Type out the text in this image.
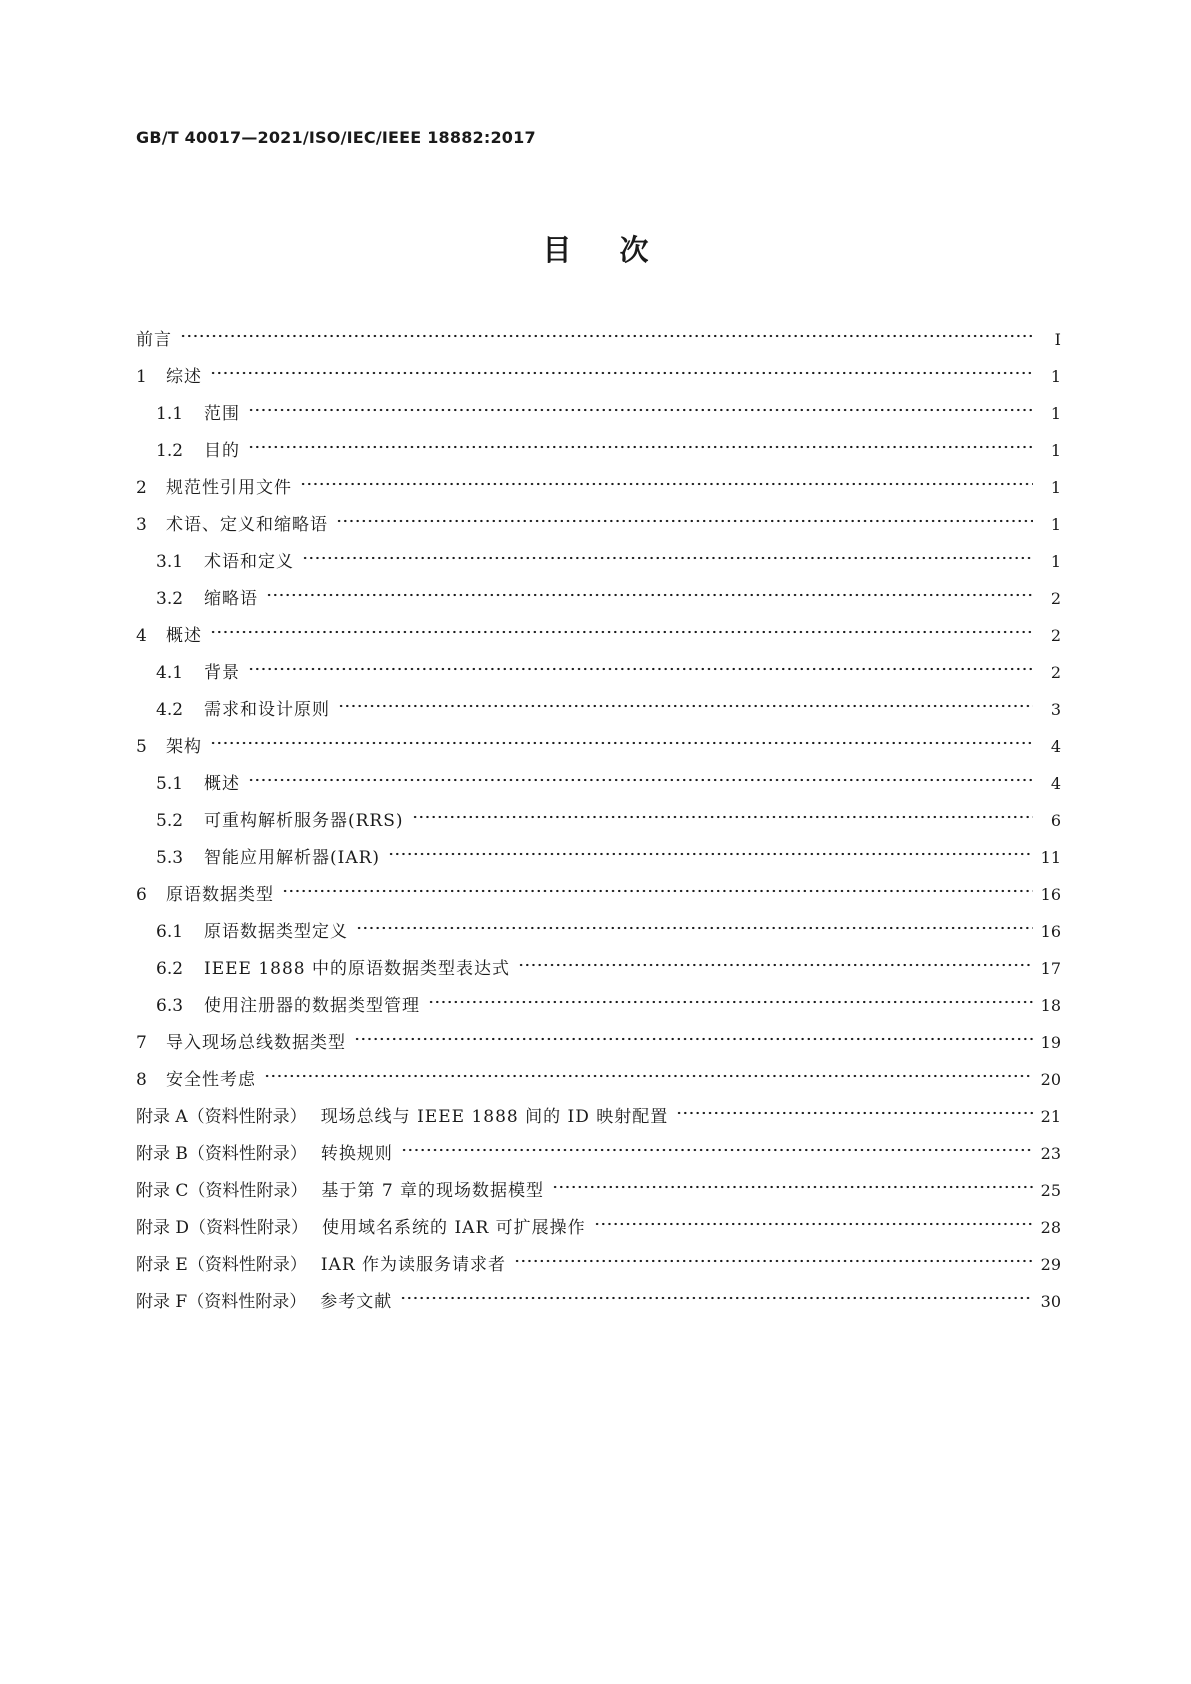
GB/T 40017—2021/ISO/IEC/IEEE 18882:2017
目次
前言	Ⅰ
1	综述	1
1.1	范围	1
1.2	目的	1
2	规范性引用文件	1
3	术语、定义和缩略语	1
3.1	术语和定义	1
3.2	缩略语	2
4	概述	2
4.1	背景	2
4.2	需求和设计原则	3
5	架构	4
5.1	概述	4
5.2	可重构解析服务器(RRS)	6
5.3	智能应用解析器(IAR)	11
6	原语数据类型	16
6.1	原语数据类型定义	16
6.2	IEEE 1888 中的原语数据类型表达式	17
6.3	使用注册器的数据类型管理	18
7	导入现场总线数据类型	19
8	安全性考虑	20
附录 A（资料性附录） 现场总线与 IEEE 1888 间的 ID 映射配置	21
附录 B（资料性附录） 转换规则	23
附录 C（资料性附录） 基于第 7 章的现场数据模型	25
附录 D（资料性附录） 使用域名系统的 IAR 可扩展操作	28
附录 E（资料性附录） IAR 作为读服务请求者	29
附录 F（资料性附录） 参考文献	30
